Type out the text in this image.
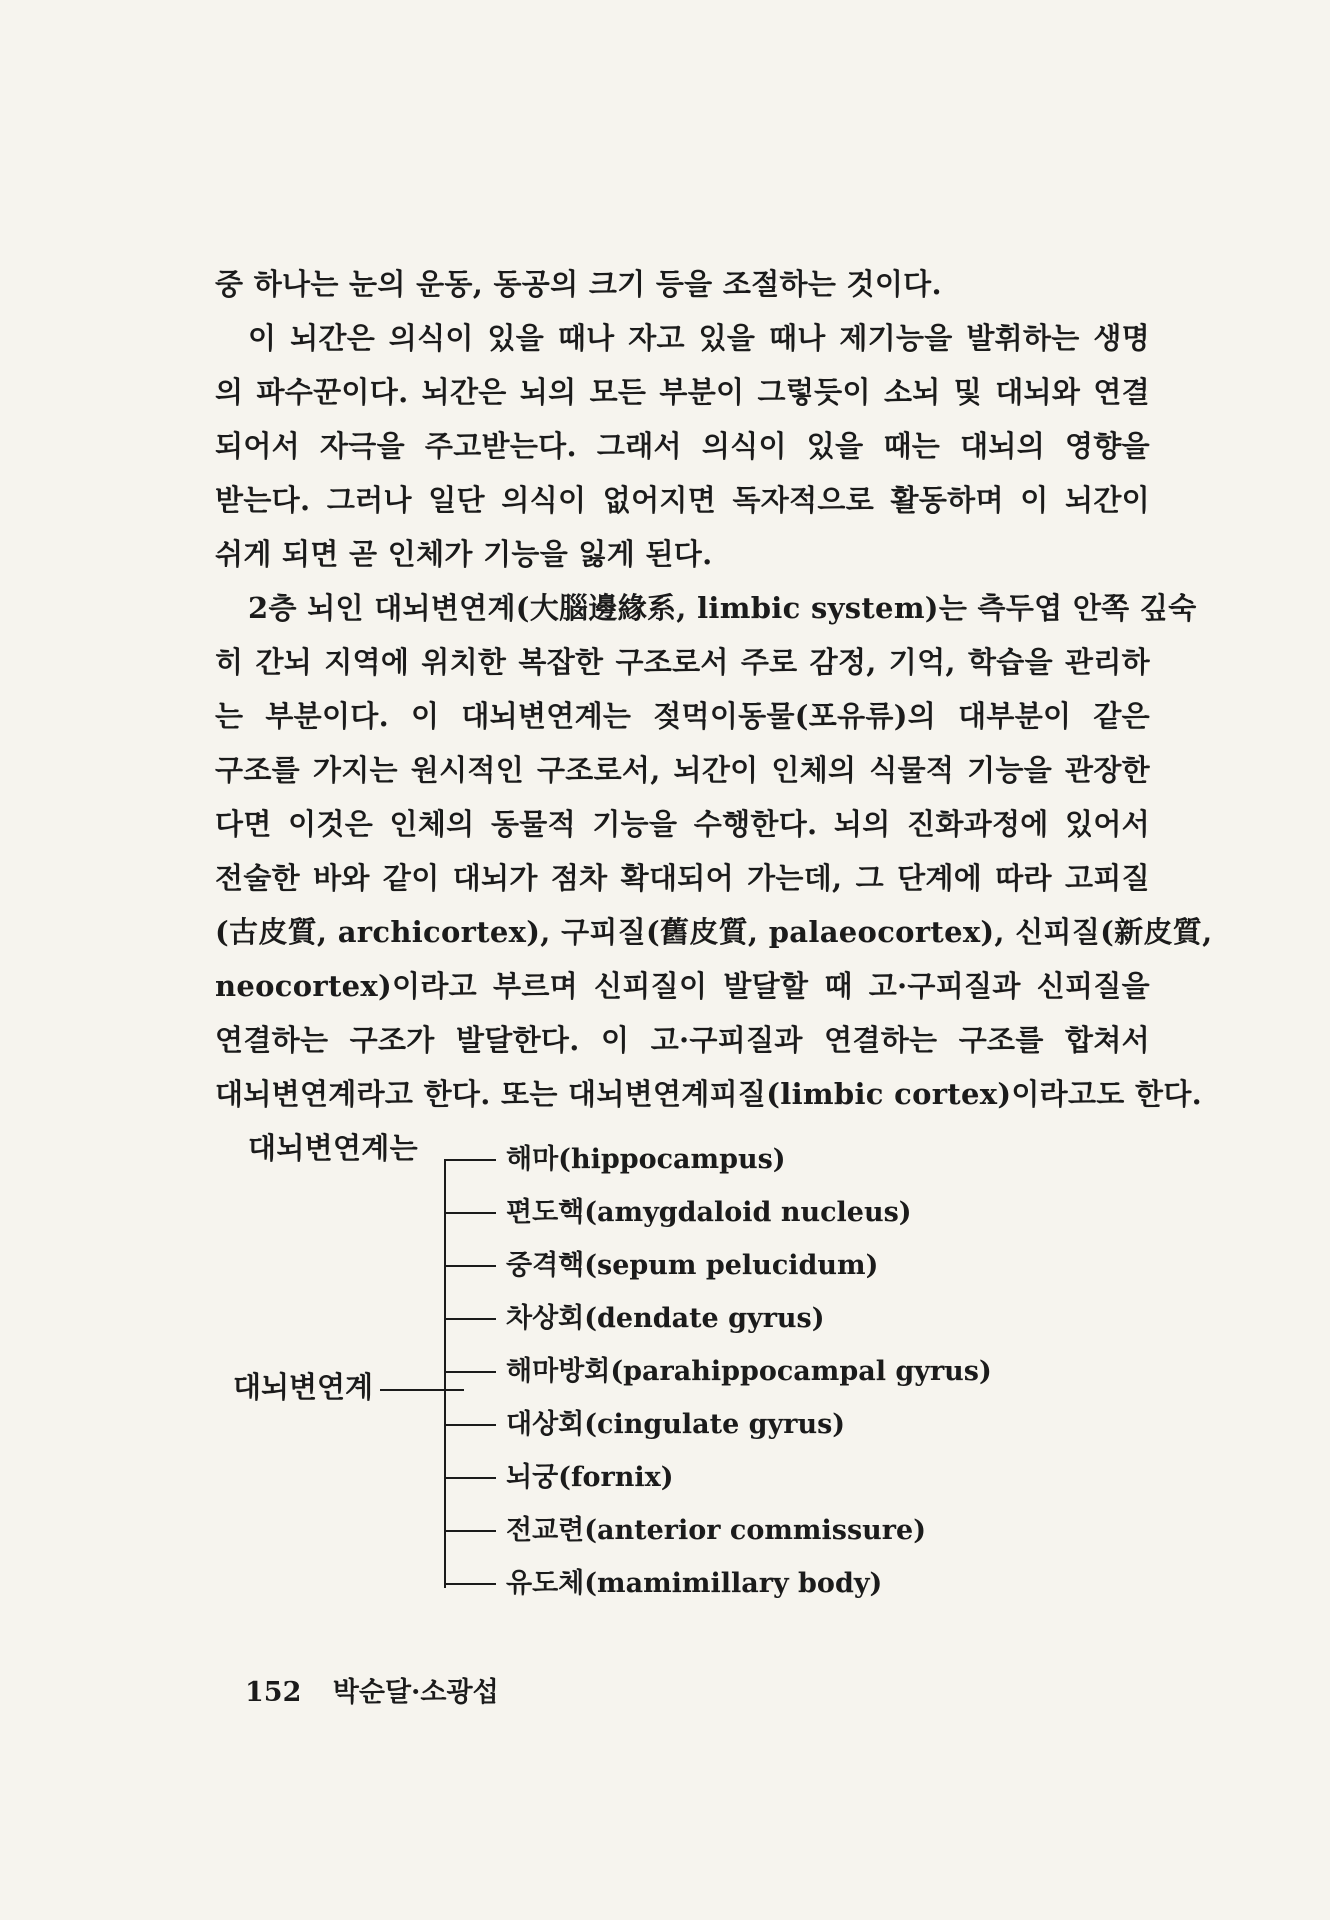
중 하나는 눈의 운동, 동공의 크기 등을 조절하는 것이다.
이 뇌간은 의식이 있을 때나 자고 있을 때나 제기능을 발휘하는 생명
의 파수꾼이다. 뇌간은 뇌의 모든 부분이 그렇듯이 소뇌 및 대뇌와 연결
되어서 자극을 주고받는다. 그래서 의식이 있을 때는 대뇌의 영향을
받는다. 그러나 일단 의식이 없어지면 독자적으로 활동하며 이 뇌간이
쉬게 되면 곧 인체가 기능을 잃게 된다.
2층 뇌인 대뇌변연계(大腦邊緣系, limbic system)는 측두엽 안쪽 깊숙
히 간뇌 지역에 위치한 복잡한 구조로서 주로 감정, 기억, 학습을 관리하
는 부분이다. 이 대뇌변연계는 젖먹이동물(포유류)의 대부분이 같은
구조를 가지는 원시적인 구조로서, 뇌간이 인체의 식물적 기능을 관장한
다면 이것은 인체의 동물적 기능을 수행한다. 뇌의 진화과정에 있어서
전술한 바와 같이 대뇌가 점차 확대되어 가는데, 그 단계에 따라 고피질
(古皮質, archicortex), 구피질(舊皮質, palaeocortex), 신피질(新皮質,
neocortex)이라고 부르며 신피질이 발달할 때 고·구피질과 신피질을
연결하는 구조가 발달한다. 이 고·구피질과 연결하는 구조를 합쳐서
대뇌변연계라고 한다. 또는 대뇌변연계피질(limbic cortex)이라고도 한다.
대뇌변연계는
대뇌변연계
해마(hippocampus)
편도핵(amygdaloid nucleus)
중격핵(sepum pelucidum)
차상회(dendate gyrus)
해마방회(parahippocampal gyrus)
대상회(cingulate gyrus)
뇌궁(fornix)
전교련(anterior commissure)
유도체(mamimillary body)
152 박순달·소광섭
